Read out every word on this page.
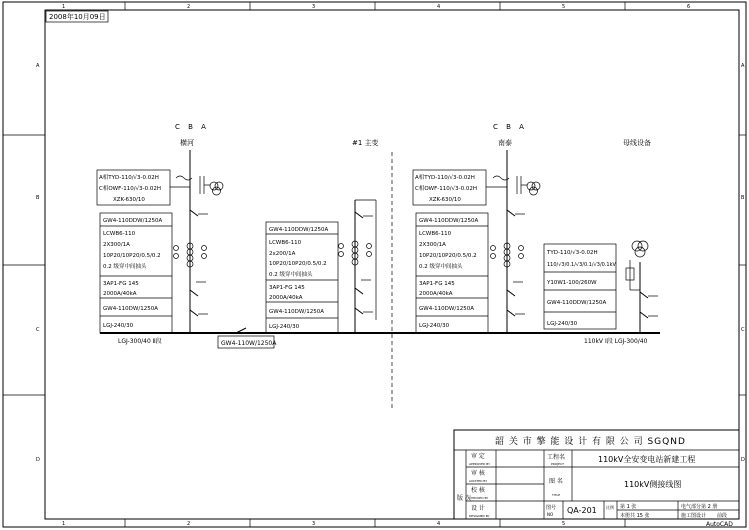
1	2	3	4	5	6
1	2	3	4	5
A
B
C
D
A
B
C
D
2008年10月09日
LGJ-300/40 Ⅱ段	110kV Ⅰ段 LGJ-300/40
GW4-110W/1250A
C B A
横河
A相TYD-110/√3-0.02H
C相OWF-110/√3-0.02H
XZK-630/10
GW4-110DDW/1250A
LCWB6-110
2X300/1A
10P20/10P20/0.5/0.2
0.2 级穿中间抽头
3AP1-FG 145
2000A/40kA
GW4-110DW/1250A
LGJ-240/30
#1 主变
GW4-110DDW/1250A
LCWB6-110
2x200/1A
10P20/10P20/0.5/0.2
0.2 级穿中间抽头
3AP1-FG 145
2000A/40kA
GW4-110DW/1250A
LGJ-240/30
C B A
南泰
A相TYD-110/√3-0.02H
C相OWF-110/√3-0.02H
XZK-630/10
GW4-110DDW/1250A
LCWB6-110
2X300/1A
10P20/10P20/0.5/0.2
0.2 级穿中间抽头
3AP1-FG 145
2000A/40kA
GW4-110DW/1250A
LGJ-240/30
母线设备
TYD-110/√3-0.02H
110/√3/0.1/√3/0.1/√3/0.1kV
Y10W1-100/260W
GW4-110DDW/1250A
LGJ-240/30
韶 关 市 擎 能 设 计 有 限 公 司 SGQND
版 次
审 定
APPROVED BY
审 核
AUDITED BY
校 核
CHECKED BY
设 计
DESIGNED BY
工程名
PROJECT	110kV全安变电站新建工程
图 名
TITLE
110kV侧接线图
图号
NO QA-201 比例 第 1 张	电气部分第 2 册
本册共 15 张	施工图设计 前段
AutoCAD
